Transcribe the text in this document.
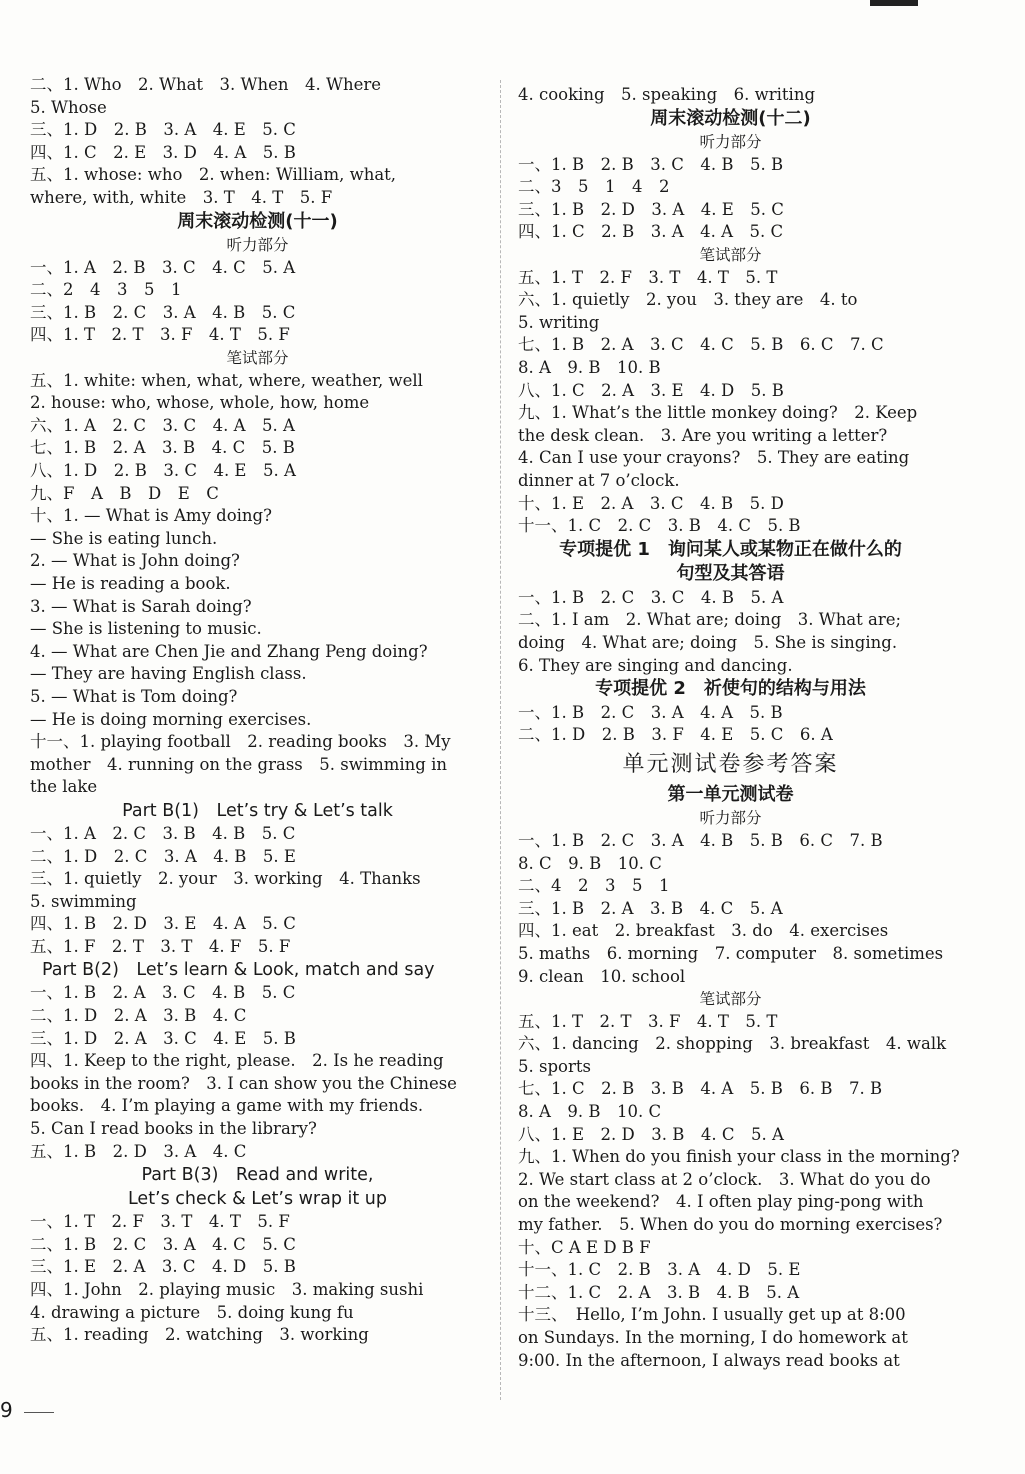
二、1. Who　2. What　3. When　4. Where
5. Whose
三、1. D　2. B　3. A　4. E　5. C
四、1. C　2. E　3. D　4. A　5. B
五、1. whose: who　2. when: William, what,
where, with, white　3. T　4. T　5. F
周末滚动检测(十一)
听力部分
一、1. A　2. B　3. C　4. C　5. A
二、2　4　3　5　1
三、1. B　2. C　3. A　4. B　5. C
四、1. T　2. T　3. F　4. T　5. F
笔试部分
五、1. white: when, what, where, weather, well
2. house: who, whose, whole, how, home
六、1. A　2. C　3. C　4. A　5. A
七、1. B　2. A　3. B　4. C　5. B
八、1. D　2. B　3. C　4. E　5. A
九、F　A　B　D　E　C
十、1. — What is Amy doing?
— She is eating lunch.
2. — What is John doing?
— He is reading a book.
3. — What is Sarah doing?
— She is listening to music.
4. — What are Chen Jie and Zhang Peng doing?
— They are having English class.
5. — What is Tom doing?
— He is doing morning exercises.
十一、1. playing football　2. reading books　3. My
mother　4. running on the grass　5. swimming in
the lake
Part B(1)　Let’s try & Let’s talk
一、1. A　2. C　3. B　4. B　5. C
二、1. D　2. C　3. A　4. B　5. E
三、1. quietly　2. your　3. working　4. Thanks
5. swimming
四、1. B　2. D　3. E　4. A　5. C
五、1. F　2. T　3. T　4. F　5. F
Part B(2)　Let’s learn & Look, match and say
一、1. B　2. A　3. C　4. B　5. C
二、1. D　2. A　3. B　4. C
三、1. D　2. A　3. C　4. E　5. B
四、1. Keep to the right, please.　2. Is he reading
books in the room?　3. I can show you the Chinese
books.　4. I’m playing a game with my friends.
5. Can I read books in the library?
五、1. B　2. D　3. A　4. C
Part B(3)　Read and write,
Let’s check & Let’s wrap it up
一、1. T　2. F　3. T　4. T　5. F
二、1. B　2. C　3. A　4. C　5. C
三、1. E　2. A　3. C　4. D　5. B
四、1. John　2. playing music　3. making sushi
4. drawing a picture　5. doing kung fu
五、1. reading　2. watching　3. working
4. cooking　5. speaking　6. writing
周末滚动检测(十二)
听力部分
一、1. B　2. B　3. C　4. B　5. B
二、3　5　1　4　2
三、1. B　2. D　3. A　4. E　5. C
四、1. C　2. B　3. A　4. A　5. C
笔试部分
五、1. T　2. F　3. T　4. T　5. T
六、1. quietly　2. you　3. they are　4. to
5. writing
七、1. B　2. A　3. C　4. C　5. B　6. C　7. C
8. A　9. B　10. B
八、1. C　2. A　3. E　4. D　5. B
九、1. What’s the little monkey doing?　2. Keep
the desk clean.　3. Are you writing a letter?
4. Can I use your crayons?　5. They are eating
dinner at 7 o’clock.
十、1. E　2. A　3. C　4. B　5. D
十一、1. C　2. C　3. B　4. C　5. B
专项提优 1　询问某人或某物正在做什么的
句型及其答语
一、1. B　2. C　3. C　4. B　5. A
二、1. I am　2. What are; doing　3. What are;
doing　4. What are; doing　5. She is singing.
6. They are singing and dancing.
专项提优 2　祈使句的结构与用法
一、1. B　2. C　3. A　4. A　5. B
二、1. D　2. B　3. F　4. E　5. C　6. A
单元测试卷参考答案
第一单元测试卷
听力部分
一、1. B　2. C　3. A　4. B　5. B　6. C　7. B
8. C　9. B　10. C
二、4　2　3　5　1
三、1. B　2. A　3. B　4. C　5. A
四、1. eat　2. breakfast　3. do　4. exercises
5. maths　6. morning　7. computer　8. sometimes
9. clean　10. school
笔试部分
五、1. T　2. T　3. F　4. T　5. T
六、1. dancing　2. shopping　3. breakfast　4. walk
5. sports
七、1. C　2. B　3. B　4. A　5. B　6. B　7. B
8. A　9. B　10. C
八、1. E　2. D　3. B　4. C　5. A
九、1. When do you finish your class in the morning?
2. We start class at 2 o’clock.　3. What do you do
on the weekend?　4. I often play ping-pong with
my father.　5. When do you do morning exercises?
十、C A E D B F
十一、1. C　2. B　3. A　4. D　5. E
十二、1. C　2. A　3. B　4. B　5. A
十三、　Hello, I’m John. I usually get up at 8:00
on Sundays. In the morning, I do homework at
9:00. In the afternoon, I always read books at
9
